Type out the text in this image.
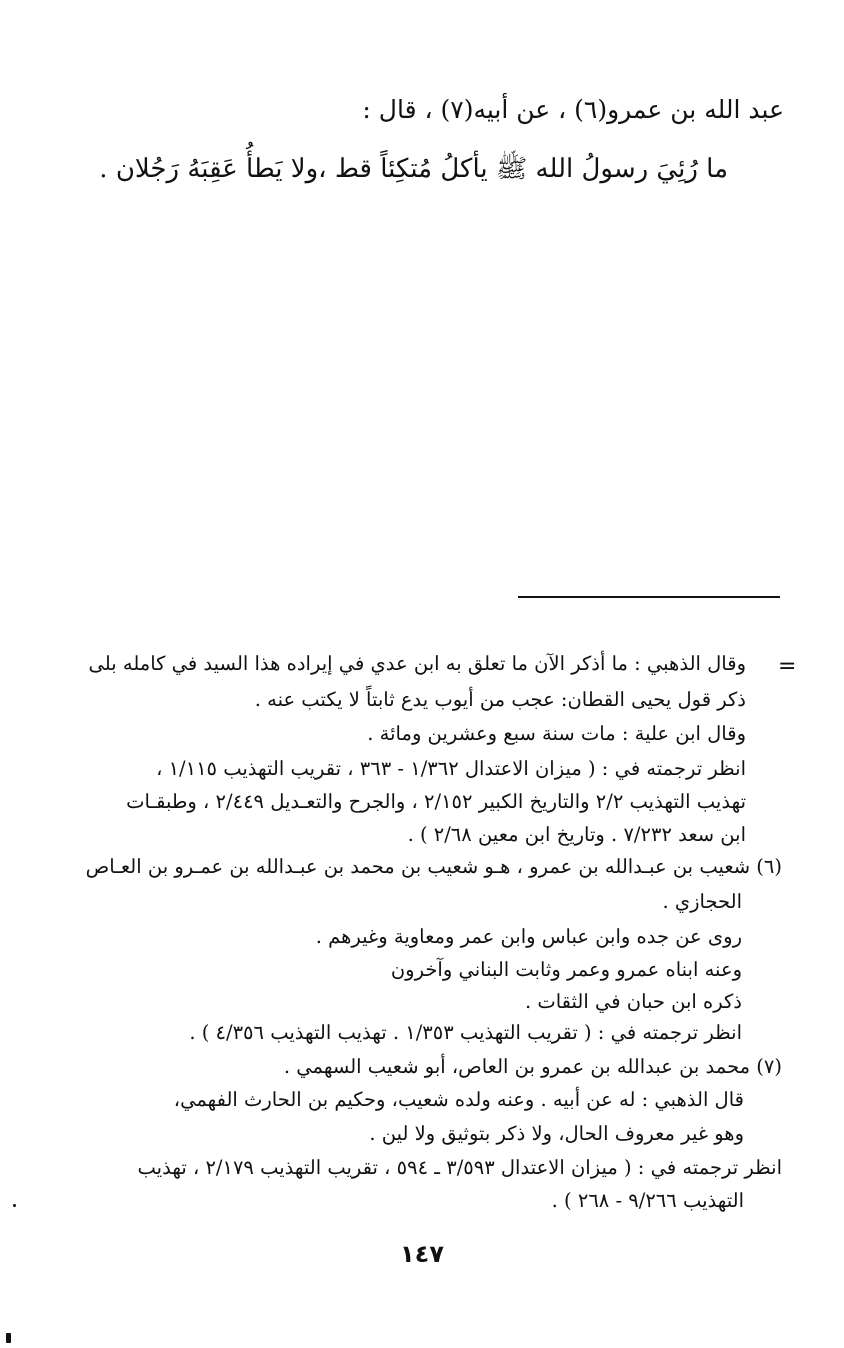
عبد الله بن عمرو(٦) ، عن أبيه(٧) ، قال :
ما رُئِيَ رسولُ الله ﷺ يأكلُ مُتكِئاً قط ،ولا يَطأُ عَقِبَهُ رَجُلان .
=
وقال الذهبي : ما أذكر الآن ما تعلق به ابن عدي في إيراده هذا السيد في كامله بلى
ذكر قول يحيى القطان: عجب من أيوب يدع ثابتاً لا يكتب عنه .
وقال ابن علية : مات سنة سبع وعشرين ومائة .
انظر ترجمته في : ( ميزان الاعتدال ١/٣٦٢ - ٣٦٣ ، تقريب التهذيب ١/١١٥ ،
تهذيب التهذيب ٢/٢ والتاريخ الكبير ٢/١٥٢ ، والجرح والتعـديل ٢/٤٤٩ ، وطبقـات
ابن سعد ٧/٢٣٢ . وتاريخ ابن معين ٢/٦٨ ) .
(٦) شعيب بن عبـدالله بن عمرو ، هـو شعيب بن محمد بن عبـدالله بن عمـرو بن العـاص
الحجازي .
روى عن جده وابن عباس وابن عمر ومعاوية وغيرهم .
وعنه ابناه عمرو وعمر وثابت البناني وآخرون
ذكره ابن حبان في الثقات .
انظر ترجمته في : ( تقريب التهذيب ١/٣٥٣ . تهذيب التهذيب ٤/٣٥٦ ) .
(٧) محمد بن عبدالله بن عمرو بن العاص، أبو شعيب السهمي .
قال الذهبي : له عن أبيه . وعنه ولده شعيب، وحكيم بن الحارث الفهمي،
وهو غير معروف الحال، ولا ذكر بتوثيق ولا لين .
انظر ترجمته في : ( ميزان الاعتدال ٣/٥٩٣ ـ ٥٩٤ ، تقريب التهذيب ٢/١٧٩ ، تهذيب
التهذيب ٩/٢٦٦ - ٢٦٨ ) .
١٤٧
